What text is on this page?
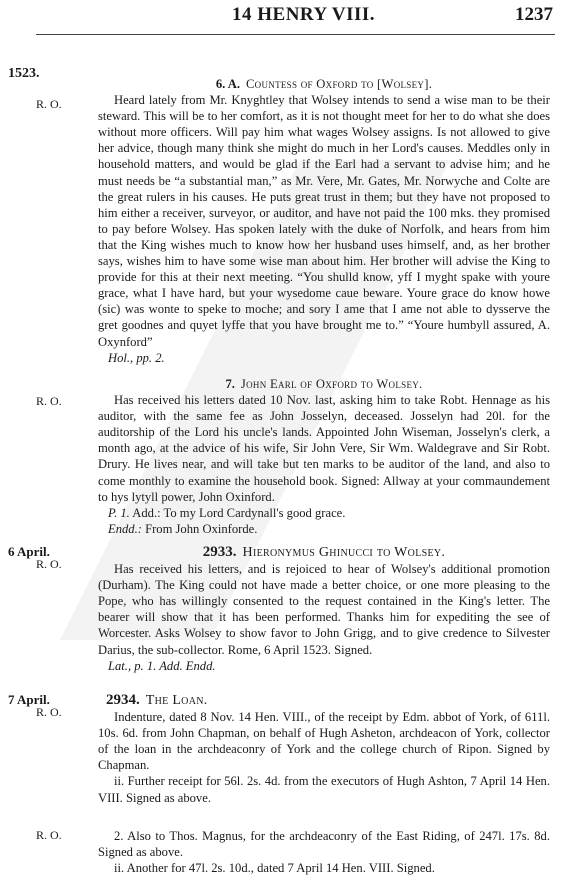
14 HENRY VIII.	1237
1523.
R. O.
6. A. Countess of Oxford to [Wolsey].

Heard lately from Mr. Knyghtley that Wolsey intends to send a wise man to be their steward. This will be to her comfort, as it is not thought meet for her to do what she does without more officers. Will pay him what wages Wolsey assigns. Is not allowed to give her advice, though many think she might do much in her Lord's causes. Meddles only in household matters, and would be glad if the Earl had a servant to advise him; and he must needs be “a substantial man,” as Mr. Vere, Mr. Gates, Mr. Norwyche and Colte are the great rulers in his causes. He puts great trust in them; but they have not proposed to him either a receiver, surveyor, or auditor, and have not paid the 100 mks. they promised to pay before Wolsey. Has spoken lately with the duke of Norfolk, and hears from him that the King wishes much to know how her husband uses himself, and, as her brother says, wishes him to have some wise man about him. Her brother will advise the King to provide for this at their next meeting. “You shulld know, yff I myght spake with youre grace, what I have hard, but your wysedome caue beware. Youre grace do know howe (sic) was wonte to speke to moche; and sory I ame that I ame not able to dysserve the gret goodnes and quyet lyffe that you have brought me to.” “Youre humbyll assured, A. Oxynford”

Hol., pp. 2.

R. O.
7. John Earl of Oxford to Wolsey.

Has received his letters dated 10 Nov. last, asking him to take Robt. Hennage as his auditor, with the same fee as John Josselyn, deceased. Josselyn had 20l. for the auditorship of the Lord his uncle's lands. Appointed John Wiseman, Josselyn's clerk, a month ago, at the advice of his wife, Sir John Vere, Sir Wm. Waldegrave and Sir Robt. Drury. He lives near, and will take but ten marks to be auditor of the land, and also to come monthly to examine the household book. Signed: Allway at your commaundement to hys lytyll power, John Oxinford.

P. 1. Add.: To my Lord Cardynall's good grace.

Endd.: From John Oxinforde.

6 April.
R. O.
2933. Hieronymus Ghinucci to Wolsey.

Has received his letters, and is rejoiced to hear of Wolsey's additional promotion (Durham). The King could not have made a better choice, or one more pleasing to the Pope, who has willingly consented to the request contained in the King's letter. The bearer will show that it has been performed. Thanks him for expediting the see of Worcester. Asks Wolsey to show favor to John Grigg, and to give credence to Silvester Darius, the sub-collector. Rome, 6 April 1523. Signed.

Lat., p. 1. Add. Endd.

7 April.
R. O.
2934. The Loan.

Indenture, dated 8 Nov. 14 Hen. VIII., of the receipt by Edm. abbot of York, of 611l. 10s. 6d. from John Chapman, on behalf of Hugh Asheton, archdeacon of York, collector of the loan in the archdeaconry of York and the college church of Ripon. Signed by Chapman.

ii. Further receipt for 56l. 2s. 4d. from the executors of Hugh Ashton, 7 April 14 Hen. VIII. Signed as above.

R. O.	2. Also to Thos. Magnus, for the archdeaconry of the East Riding, of 247l. 17s. 8d. Signed as above.

ii. Another for 47l. 2s. 10d., dated 7 April 14 Hen. VIII. Signed.
